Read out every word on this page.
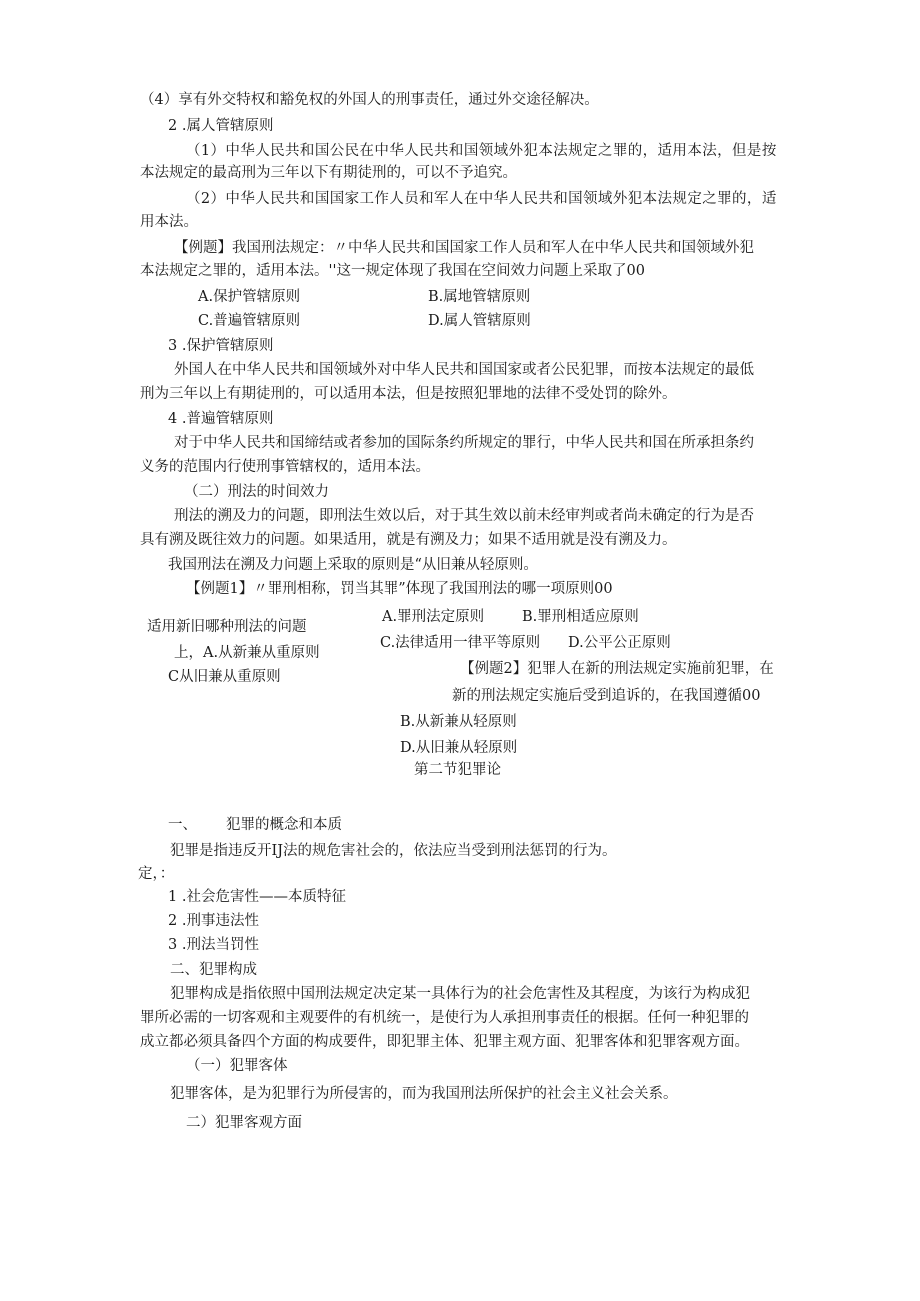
（4）享有外交特权和豁免权的外国人的刑事责任，通过外交途径解决。
2 .属人管辖原则
（1）中华人民共和国公民在中华人民共和国领域外犯本法规定之罪的，适用本法，但是按
本法规定的最高刑为三年以下有期徒刑的，可以不予追究。
（2）中华人民共和国国家工作人员和军人在中华人民共和国领域外犯本法规定之罪的，适
用本法。
【例题】我国刑法规定：〃中华人民共和国国家工作人员和军人在中华人民共和国领域外犯
本法规定之罪的，适用本法。''这一规定体现了我国在空间效力问题上采取了00
A.保护管辖原则	B.属地管辖原则
C.普遍管辖原则	D.属人管辖原则
3 .保护管辖原则
外国人在中华人民共和国领域外对中华人民共和国国家或者公民犯罪，而按本法规定的最低
刑为三年以上有期徒刑的，可以适用本法，但是按照犯罪地的法律不受处罚的除外。
4 .普遍管辖原则
对于中华人民共和国缔结或者参加的国际条约所规定的罪行，中华人民共和国在所承担条约
义务的范围内行使刑事管辖权的，适用本法。
（二）刑法的时间效力
刑法的溯及力的问题，即刑法生效以后，对于其生效以前未经审判或者尚未确定的行为是否
具有溯及既往效力的问题。如果适用，就是有溯及力；如果不适用就是没有溯及力。
我国刑法在溯及力问题上采取的原则是“从旧兼从轻原则。
【例题1】〃罪刑相称，罚当其罪”体现了我国刑法的哪一项原则00
A.罪刑法定原则	B.罪刑相适应原则
适用新旧哪种刑法的问题
C.法律适用一律平等原则 D.公平公正原则
上，A.从新兼从重原则
【例题2】犯罪人在新的刑法规定实施前犯罪，在
C从旧兼从重原则
新的刑法规定实施后受到追诉的，在我国遵循00
B.从新兼从轻原则
D.从旧兼从轻原则
第二节犯罪论
一、 犯罪的概念和本质
犯罪是指违反开IJ法的规危害社会的，依法应当受到刑法惩罚的行为。
定，：
1 .社会危害性——本质特征
2 .刑事违法性
3 .刑法当罚性
二、犯罪构成
犯罪构成是指依照中国刑法规定决定某一具体行为的社会危害性及其程度，为该行为构成犯
罪所必需的一切客观和主观要件的有机统一，是使行为人承担刑事责任的根据。任何一种犯罪的
成立都必须具备四个方面的构成要件，即犯罪主体、犯罪主观方面、犯罪客体和犯罪客观方面。
（一）犯罪客体
犯罪客体，是为犯罪行为所侵害的，而为我国刑法所保护的社会主义社会关系。
二）犯罪客观方面
